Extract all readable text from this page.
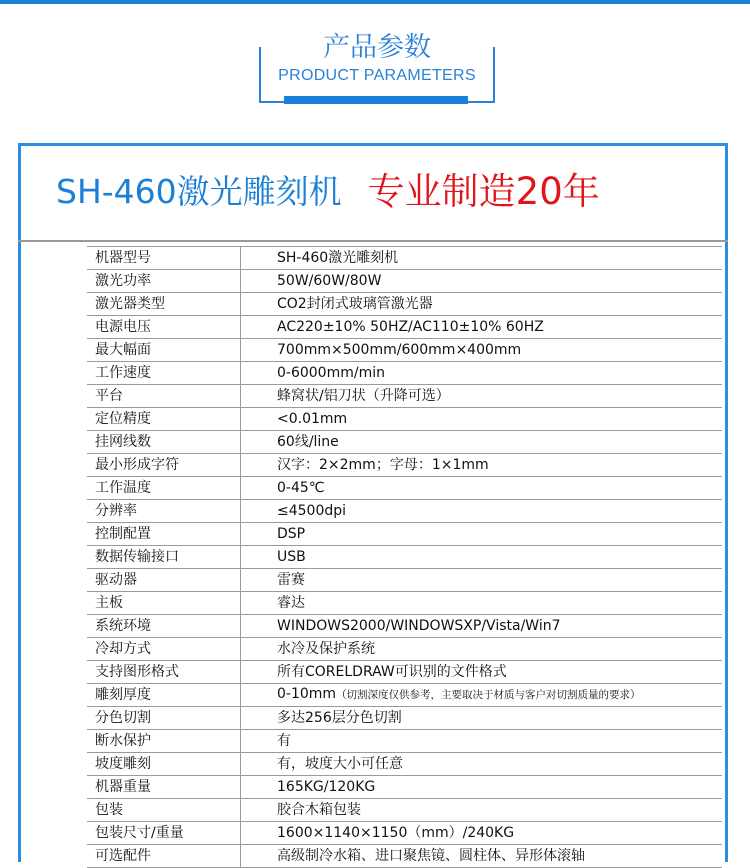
产品参数
PRODUCT PARAMETERS
SH-460激光雕刻机 专业制造20年
机器型号	SH-460激光雕刻机
激光功率	50W/60W/80W
激光器类型	CO2封闭式玻璃管激光器
电源电压	AC220±10% 50HZ/AC110±10% 60HZ
最大幅面	700mm×500mm/600mm×400mm
工作速度	0-6000mm/min
平台	蜂窝状/铝刀状（升降可选）
定位精度	<0.01mm
挂网线数	60线/line
最小形成字符	汉字：2×2mm；字母：1×1mm
工作温度	0-45℃
分辨率	≤4500dpi
控制配置	DSP
数据传输接口	USB
驱动器	雷赛
主板	睿达
系统环境	WINDOWS2000/WINDOWSXP/Vista/Win7
冷却方式	水冷及保护系统
支持图形格式	所有CORELDRAW可识别的文件格式
雕刻厚度	0-10mm（切割深度仅供参考，主要取决于材质与客户对切割质量的要求）
分色切割	多达256层分色切割
断水保护	有
坡度雕刻	有，坡度大小可任意
机器重量	165KG/120KG
包装	胶合木箱包装
包装尺寸/重量	1600×1140×1150（mm）/240KG
可选配件	高级制冷水箱、进口聚焦镜、圆柱体、异形体滚轴
